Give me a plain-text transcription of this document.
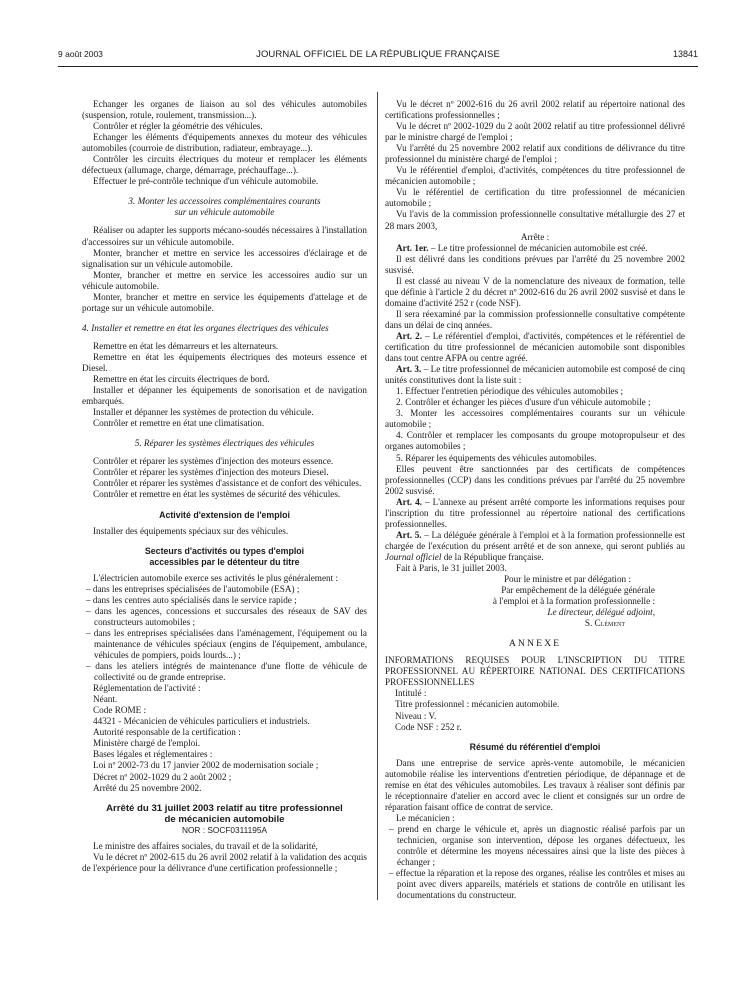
9 août 2003	JOURNAL OFFICIEL DE LA RÉPUBLIQUE FRANÇAISE	13841

Echanger les organes de liaison au sol des véhicules automobiles (suspension, rotule, roulement, transmission...).

Contrôler et régler la géométrie des véhicules.

Echanger les éléments d'équipements annexes du moteur des véhicules automobiles (courroie de distribution, radiateur, embrayage...).

Contrôler les circuits électriques du moteur et remplacer les éléments défectueux (allumage, charge, démarrage, préchauffage...).

Effectuer le pré-contrôle technique d'un véhicule automobile.

3. Monter les accessoires complémentaires courants
sur un véhicule automobile

Réaliser ou adapter les supports mécano-soudés nécessaires à l'installation d'accessoires sur un véhicule automobile.

Monter, brancher et mettre en service les accessoires d'éclairage et de signalisation sur un véhicule automobile.

Monter, brancher et mettre en service les accessoires audio sur un véhicule automobile.

Monter, brancher et mettre en service les équipements d'attelage et de portage sur un véhicule automobile.

4. Installer et remettre en état les organes électriques des véhicules

Remettre en état les démarreurs et les alternateurs.

Remettre en état les équipements électriques des moteurs essence et Diesel.

Remettre en état les circuits électriques de bord.

Installer et dépanner les équipements de sonorisation et de navigation embarqués.

Installer et dépanner les systèmes de protection du véhicule.

Contrôler et remettre en état une climatisation.

5. Réparer les systèmes électriques des véhicules

Contrôler et réparer les systèmes d'injection des moteurs essence.

Contrôler et réparer les systèmes d'injection des moteurs Diesel.

Contrôler et réparer les systèmes d'assistance et de confort des véhicules.

Contrôler et remettre en état les systèmes de sécurité des véhicules.

Activité d'extension de l'emploi

Installer des équipements spéciaux sur des véhicules.

Secteurs d'activités ou types d'emploi
accessibles par le détenteur du titre

L'électricien automobile exerce ses activités le plus généralement :

– dans les entreprises spécialisées de l'automobile (ESA) ;

– dans les centres auto spécialisés dans le service rapide ;

– dans les agences, concessions et succursales des réseaux de SAV des constructeurs automobiles ;

– dans les entreprises spécialisées dans l'aménagement, l'équipement ou la maintenance de véhicules spéciaux (engins de l'équipement, ambulance, véhicules de pompiers, poids lourds...) ;

– dans les ateliers intégrés de maintenance d'une flotte de véhicule de collectivité ou de grande entreprise.

Réglementation de l'activité :

Néant.

Code ROME :

44321 - Mécanicien de véhicules particuliers et industriels.

Autorité responsable de la certification :

Ministère chargé de l'emploi.

Bases légales et réglementaires :

Loi nº 2002-73 du 17 janvier 2002 de modernisation sociale ;

Décret nº 2002-1029 du 2 août 2002 ;

Arrêté du 25 novembre 2002.

Arrêté du 31 juillet 2003 relatif au titre professionnel
de mécanicien automobile
NOR : SOCF0311195A

Le ministre des affaires sociales, du travail et de la solidarité,

Vu le décret nº 2002-615 du 26 avril 2002 relatif à la validation des acquis de l'expérience pour la délivrance d'une certification professionnelle ;

Vu le décret nº 2002-616 du 26 avril 2002 relatif au répertoire national des certifications professionnelles ;

Vu le décret nº 2002-1029 du 2 août 2002 relatif au titre professionnel délivré par le ministre chargé de l'emploi ;

Vu l'arrêté du 25 novembre 2002 relatif aux conditions de délivrance du titre professionnel du ministère chargé de l'emploi ;

Vu le référentiel d'emploi, d'activités, compétences du titre professionnel de mécanicien automobile ;

Vu le référentiel de certification du titre professionnel de mécanicien automobile ;

Vu l'avis de la commission professionnelle consultative métallurgie des 27 et 28 mars 2003,

Arrête :

Art. 1er. – Le titre professionnel de mécanicien automobile est créé.

Il est délivré dans les conditions prévues par l'arrêté du 25 novembre 2002 susvisé.

Il est classé au niveau V de la nomenclature des niveaux de formation, telle que définie à l'article 2 du décret nº 2002-616 du 26 avril 2002 susvisé et dans le domaine d'activité 252 r (code NSF).

Il sera réexaminé par la commission professionnelle consultative compétente dans un délai de cinq années.

Art. 2. – Le référentiel d'emploi, d'activités, compétences et le référentiel de certification du titre professionnel de mécanicien automobile sont disponibles dans tout centre AFPA ou centre agréé.

Art. 3. – Le titre professionnel de mécanicien automobile est composé de cinq unités constitutives dont la liste suit :

1. Effectuer l'entretien périodique des véhicules automobiles ;

2. Contrôler et échanger les pièces d'usure d'un véhicule automobile ;

3. Monter les accessoires complémentaires courants sur un véhicule automobile ;

4. Contrôler et remplacer les composants du groupe motopropulseur et des organes automobiles ;

5. Réparer les équipements des véhicules automobiles.

Elles peuvent être sanctionnées par des certificats de compétences professionnelles (CCP) dans les conditions prévues par l'arrêté du 25 novembre 2002 susvisé.

Art. 4. – L'annexe au présent arrêté comporte les informations requises pour l'inscription du titre professionnel au répertoire national des certifications professionnelles.

Art. 5. – La déléguée générale à l'emploi et à la formation professionnelle est chargée de l'exécution du présent arrêté et de son annexe, qui seront publiés au Journal officiel de la République française.

Fait à Paris, le 31 juillet 2003.

Pour le ministre et par délégation :
Par empêchement de la déléguée générale
à l'emploi et à la formation professionnelle :
Le directeur, délégué adjoint,
S. Clément
ANNEXE

INFORMATIONS REQUISES POUR L'INSCRIPTION DU TITRE PROFESSIONNEL AU RÉPERTOIRE NATIONAL DES CERTIFICATIONS PROFESSIONNELLES

Intitulé :

Titre professionnel : mécanicien automobile.

Niveau : V.

Code NSF : 252 r.

Résumé du référentiel d'emploi

Dans une entreprise de service après-vente automobile, le mécanicien automobile réalise les interventions d'entretien périodique, de dépannage et de remise en état des véhicules automobiles. Les travaux à réaliser sont définis par le réceptionnaire d'atelier en accord avec le client et consignés sur un ordre de réparation faisant office de contrat de service.

Le mécanicien :

– prend en charge le véhicule et, après un diagnostic réalisé parfois par un technicien, organise son intervention, dépose les organes défectueux, les contrôle et détermine les moyens nécessaires ainsi que la liste des pièces à échanger ;

– effectue la réparation et la repose des organes, réalise les contrôles et mises au point avec divers appareils, matériels et stations de contrôle en utilisant les documentations du constructeur.
